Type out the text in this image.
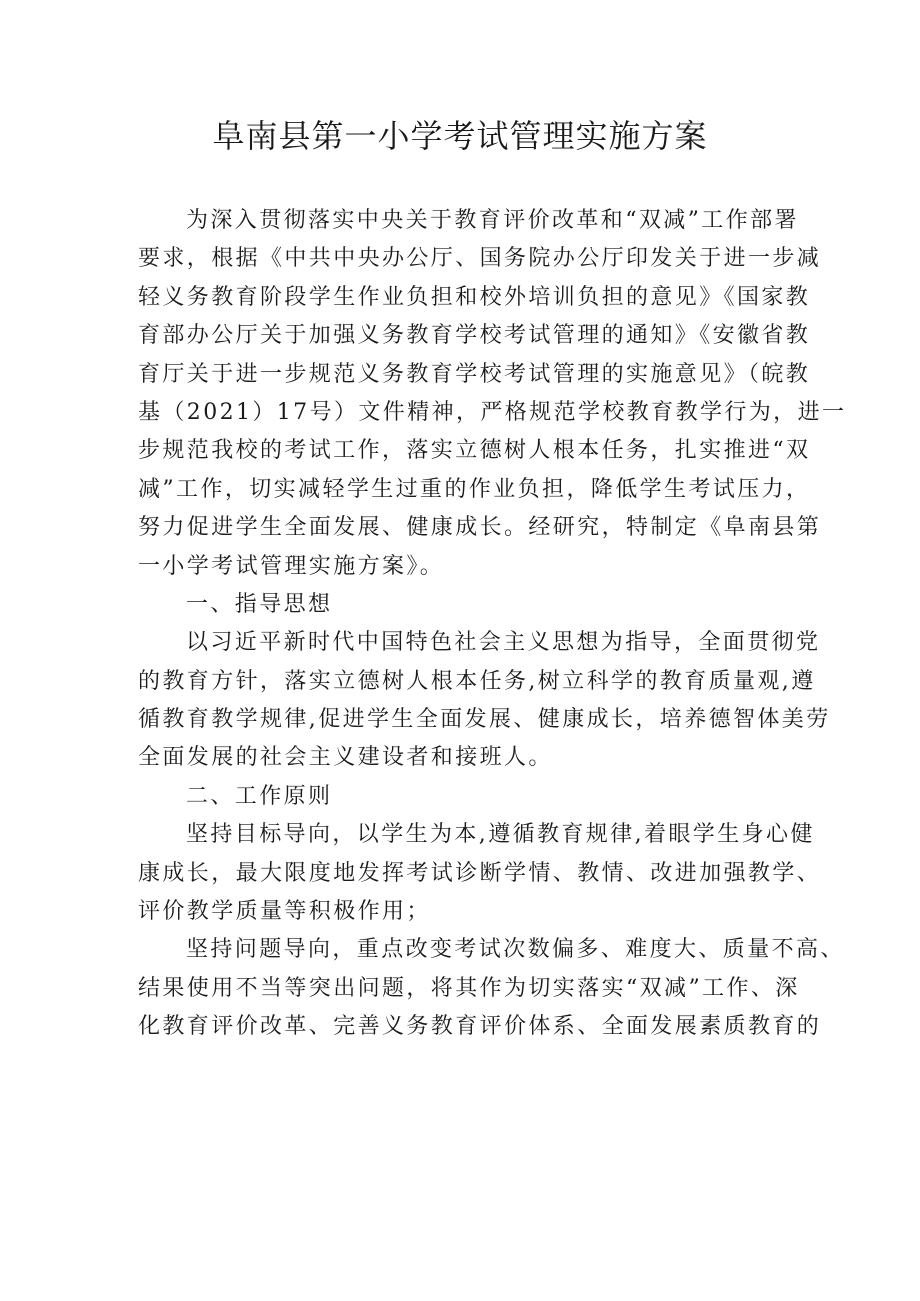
阜南县第一小学考试管理实施方案
为深入贯彻落实中央关于教育评价改革和“双减”工作部署
要求，根据《中共中央办公厅、国务院办公厅印发关于进一步减
轻义务教育阶段学生作业负担和校外培训负担的意见》《国家教
育部办公厅关于加强义务教育学校考试管理的通知》《安徽省教
育厅关于进一步规范义务教育学校考试管理的实施意见》（皖教
基（2021）17号）文件精神，严格规范学校教育教学行为，进一
步规范我校的考试工作，落实立德树人根本任务，扎实推进“双
减”工作，切实减轻学生过重的作业负担，降低学生考试压力，
努力促进学生全面发展、健康成长。经研究，特制定《阜南县第
一小学考试管理实施方案》。
一、指导思想
以习近平新时代中国特色社会主义思想为指导，全面贯彻党
的教育方针，落实立德树人根本任务,树立科学的教育质量观,遵
循教育教学规律,促进学生全面发展、健康成长，培养德智体美劳
全面发展的社会主义建设者和接班人。
二、工作原则
坚持目标导向，以学生为本,遵循教育规律,着眼学生身心健
康成长，最大限度地发挥考试诊断学情、教情、改进加强教学、
评价教学质量等积极作用；
坚持问题导向，重点改变考试次数偏多、难度大、质量不高、
结果使用不当等突出问题，将其作为切实落实“双减”工作、深
化教育评价改革、完善义务教育评价体系、全面发展素质教育的
